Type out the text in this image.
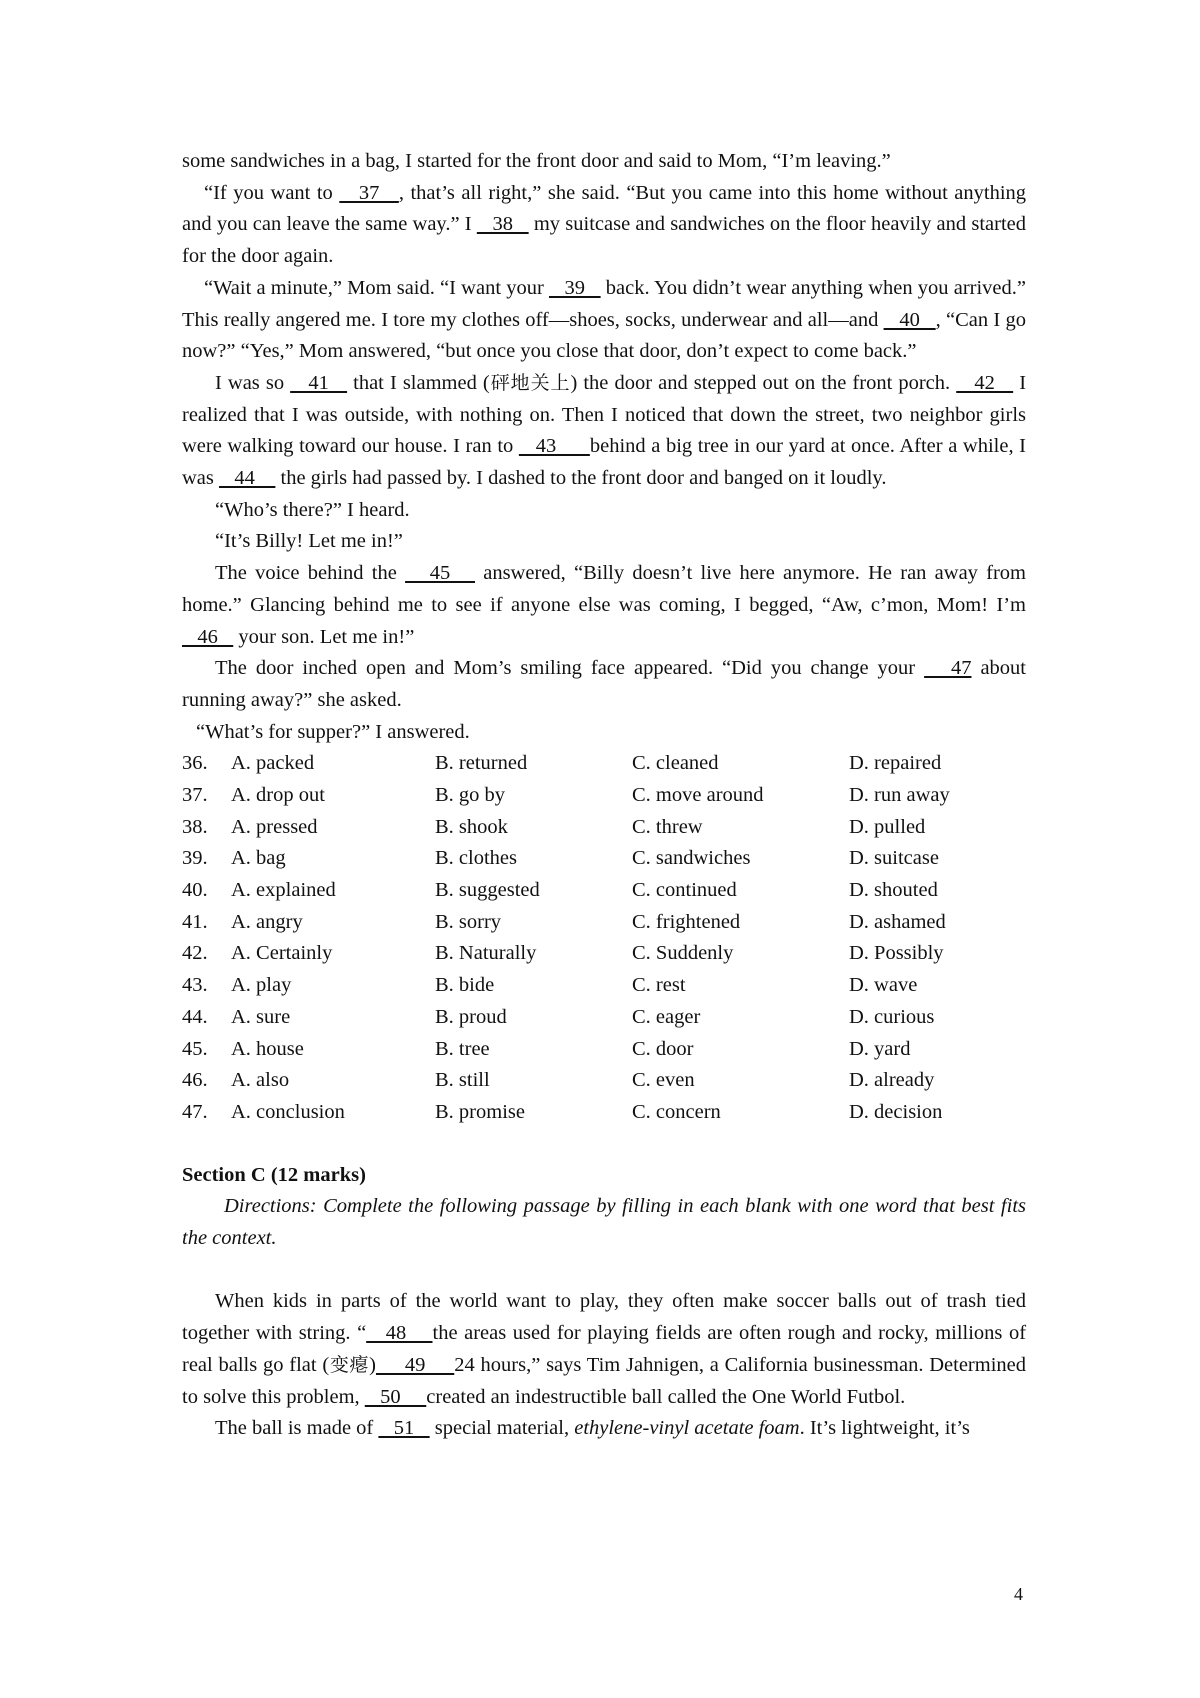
some sandwiches in a bag, I started for the front door and said to Mom, “I’m leaving.”

“If you want to    37   , that’s all right,” she said. “But you came into this home without anything and you can leave the same way.” I    38    my suitcase and sandwiches on the floor heavily and started for the door again.

“Wait a minute,” Mom said. “I want your    39    back. You didn’t wear anything when you arrived.” This really angered me. I tore my clothes off—shoes, socks, underwear and all—and    40   , “Can I go now?” “Yes,” Mom answered, “but once you close that door, don’t expect to come back.”

I was so    41    that I slammed (砰地关上) the door and stepped out on the front porch.    42    I realized that I was outside, with nothing on. Then I noticed that down the street, two neighbor girls were walking toward our house. I ran to    43      behind a big tree in our yard at once. After a while, I was    44     the girls had passed by. I dashed to the front door and banged on it loudly.

“Who’s there?” I heard.

“It’s Billy! Let me in!”

The voice behind the    45    answered, “Billy doesn’t live here anymore. He ran away from home.” Glancing behind me to see if anyone else was coming, I begged, “Aw, c’mon, Mom! I’m    46    your son. Let me in!”

The door inched open and Mom’s smiling face appeared. “Did you change your    47 about running away?” she asked.

“What’s for supper?” I answered.

36.	A. packed	B. returned	C. cleaned	D. repaired
37.	A. drop out	B. go by	C. move around	D. run away
38.	A. pressed	B. shook	C. threw	D. pulled
39.	A. bag	B. clothes	C. sandwiches	D. suitcase
40.	A. explained	B. suggested	C. continued	D. shouted
41.	A. angry	B. sorry	C. frightened	D. ashamed
42.	A. Certainly	B. Naturally	C. Suddenly	D. Possibly
43.	A. play	B. bide	C. rest	D. wave
44.	A. sure	B. proud	C. eager	D. curious
45.	A. house	B. tree	C. door	D. yard
46.	A. also	B. still	C. even	D. already
47.	A. conclusion	B. promise	C. concern	D. decision
Section C (12 marks)

Directions: Complete the following passage by filling in each blank with one word that best fits the context.

When kids in parts of the world want to play, they often make soccer balls out of trash tied together with string. “   48    the areas used for playing fields are often rough and rocky, millions of real balls go flat (变瘪)     49     24 hours,” says Tim Jahnigen, a California businessman. Determined to solve this problem,    50     created an indestructible ball called the One World Futbol.

The ball is made of    51    special material, ethylene-vinyl acetate foam. It’s lightweight, it’s

4
